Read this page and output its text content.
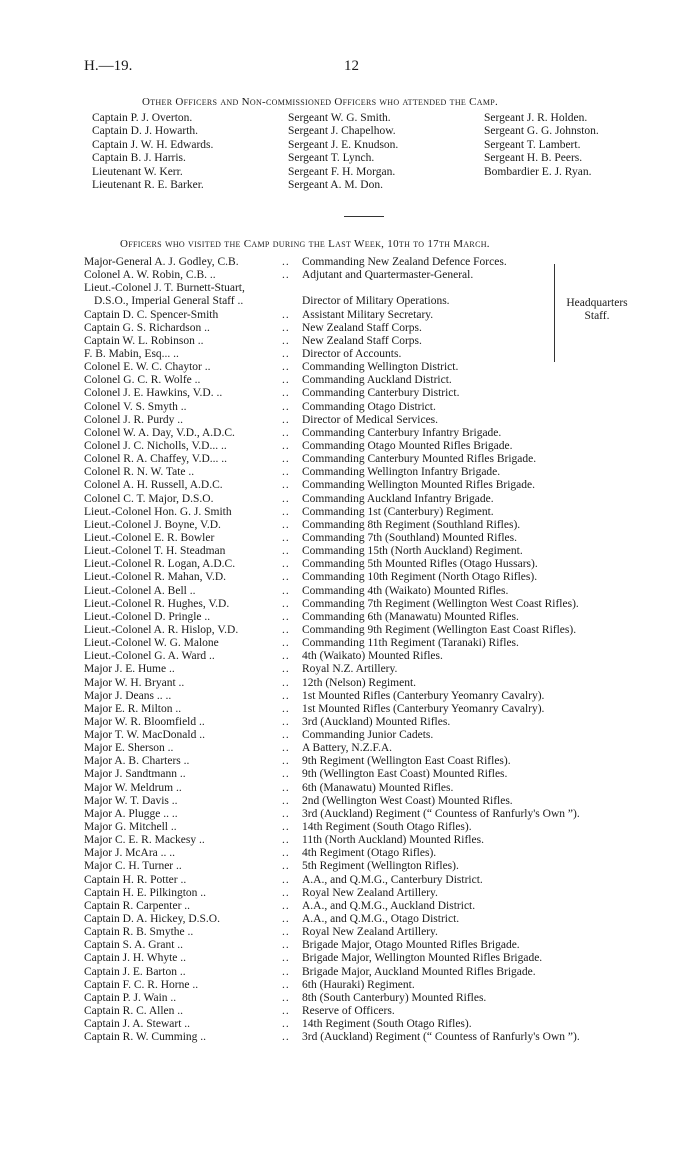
H.—19.	12
Other Officers and Non-commissioned Officers who attended the Camp.
Captain P. J. Overton.
Captain D. J. Howarth.
Captain J. W. H. Edwards.
Captain B. J. Harris.
Lieutenant W. Kerr.
Lieutenant R. E. Barker.
Sergeant W. G. Smith.
Sergeant J. Chapelhow.
Sergeant J. E. Knudson.
Sergeant T. Lynch.
Sergeant F. H. Morgan.
Sergeant A. M. Don.
Sergeant J. R. Holden.
Sergeant G. G. Johnston.
Sergeant T. Lambert.
Sergeant H. B. Peers.
Bombardier E. J. Ryan.
Officers who visited the Camp during the Last Week, 10th to 17th March.
Headquarters
Staff.
Major-General A. J. Godley, C.B.	.. Commanding New Zealand Defence Forces.
Colonel A. W. Robin, C.B. ..	.. Adjutant and Quartermaster-General.
Lieut.-Colonel J. T. Burnett-Stuart,
D.S.O., Imperial General Staff ..	Director of Military Operations.
Captain D. C. Spencer-Smith	.. Assistant Military Secretary.
Captain G. S. Richardson ..	.. New Zealand Staff Corps.
Captain W. L. Robinson ..	.. New Zealand Staff Corps.
F. B. Mabin, Esq... ..	.. Director of Accounts.
Colonel E. W. C. Chaytor ..	.. Commanding Wellington District.
Colonel G. C. R. Wolfe ..	.. Commanding Auckland District.
Colonel J. E. Hawkins, V.D. ..	.. Commanding Canterbury District.
Colonel V. S. Smyth ..	.. Commanding Otago District.
Colonel J. R. Purdy ..	.. Director of Medical Services.
Colonel W. A. Day, V.D., A.D.C.	.. Commanding Canterbury Infantry Brigade.
Colonel J. C. Nicholls, V.D... ..	.. Commanding Otago Mounted Rifles Brigade.
Colonel R. A. Chaffey, V.D... ..	.. Commanding Canterbury Mounted Rifles Brigade.
Colonel R. N. W. Tate ..	.. Commanding Wellington Infantry Brigade.
Colonel A. H. Russell, A.D.C.	.. Commanding Wellington Mounted Rifles Brigade.
Colonel C. T. Major, D.S.O.	.. Commanding Auckland Infantry Brigade.
Lieut.-Colonel Hon. G. J. Smith	.. Commanding 1st (Canterbury) Regiment.
Lieut.-Colonel J. Boyne, V.D.	.. Commanding 8th Regiment (Southland Rifles).
Lieut.-Colonel E. R. Bowler	.. Commanding 7th (Southland) Mounted Rifles.
Lieut.-Colonel T. H. Steadman	.. Commanding 15th (North Auckland) Regiment.
Lieut.-Colonel R. Logan, A.D.C.	.. Commanding 5th Mounted Rifles (Otago Hussars).
Lieut.-Colonel R. Mahan, V.D.	.. Commanding 10th Regiment (North Otago Rifles).
Lieut.-Colonel A. Bell ..	.. Commanding 4th (Waikato) Mounted Rifles.
Lieut.-Colonel R. Hughes, V.D.	.. Commanding 7th Regiment (Wellington West Coast Rifles).
Lieut.-Colonel D. Pringle ..	.. Commanding 6th (Manawatu) Mounted Rifles.
Lieut.-Colonel A. R. Hislop, V.D.	.. Commanding 9th Regiment (Wellington East Coast Rifles).
Lieut.-Colonel W. G. Malone	.. Commanding 11th Regiment (Taranaki) Rifles.
Lieut.-Colonel G. A. Ward ..	.. 4th (Waikato) Mounted Rifles.
Major J. E. Hume ..	.. Royal N.Z. Artillery.
Major W. H. Bryant ..	.. 12th (Nelson) Regiment.
Major J. Deans .. ..	.. 1st Mounted Rifles (Canterbury Yeomanry Cavalry).
Major E. R. Milton ..	.. 1st Mounted Rifles (Canterbury Yeomanry Cavalry).
Major W. R. Bloomfield ..	.. 3rd (Auckland) Mounted Rifles.
Major T. W. MacDonald ..	.. Commanding Junior Cadets.
Major E. Sherson ..	.. A Battery, N.Z.F.A.
Major A. B. Charters ..	.. 9th Regiment (Wellington East Coast Rifles).
Major J. Sandtmann ..	.. 9th (Wellington East Coast) Mounted Rifles.
Major W. Meldrum ..	.. 6th (Manawatu) Mounted Rifles.
Major W. T. Davis ..	.. 2nd (Wellington West Coast) Mounted Rifles.
Major A. Plugge .. ..	.. 3rd (Auckland) Regiment (“ Countess of Ranfurly's Own ”).
Major G. Mitchell ..	.. 14th Regiment (South Otago Rifles).
Major C. E. R. Mackesy ..	.. 11th (North Auckland) Mounted Rifles.
Major J. McAra .. ..	.. 4th Regiment (Otago Rifles).
Major C. H. Turner ..	.. 5th Regiment (Wellington Rifles).
Captain H. R. Potter ..	.. A.A., and Q.M.G., Canterbury District.
Captain H. E. Pilkington ..	.. Royal New Zealand Artillery.
Captain R. Carpenter ..	.. A.A., and Q.M.G., Auckland District.
Captain D. A. Hickey, D.S.O.	.. A.A., and Q.M.G., Otago District.
Captain R. B. Smythe ..	.. Royal New Zealand Artillery.
Captain S. A. Grant ..	.. Brigade Major, Otago Mounted Rifles Brigade.
Captain J. H. Whyte ..	.. Brigade Major, Wellington Mounted Rifles Brigade.
Captain J. E. Barton ..	.. Brigade Major, Auckland Mounted Rifles Brigade.
Captain F. C. R. Horne ..	.. 6th (Hauraki) Regiment.
Captain P. J. Wain ..	.. 8th (South Canterbury) Mounted Rifles.
Captain R. C. Allen ..	.. Reserve of Officers.
Captain J. A. Stewart ..	.. 14th Regiment (South Otago Rifles).
Captain R. W. Cumming ..	.. 3rd (Auckland) Regiment (“ Countess of Ranfurly's Own ”).
